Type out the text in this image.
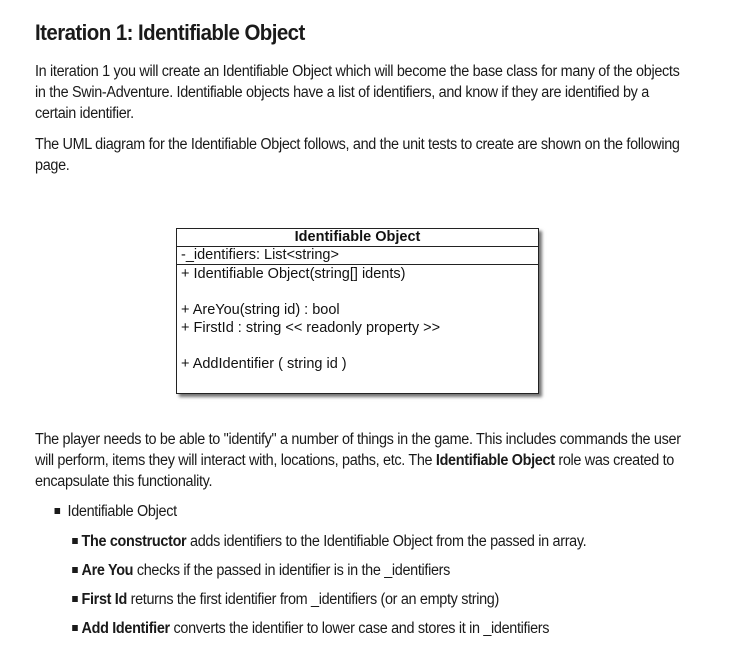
Iteration 1: Identifiable Object

In iteration 1 you will create an Identifiable Object which will become the base class for many of the objects in the Swin-Adventure. Identifiable objects have a list of identifiers, and know if they are identified by a certain identifier.

The UML diagram for the Identifiable Object follows, and the unit tests to create are shown on the following page.

Identifiable Object
-_identifiers: List<string>
+ Identifiable Object(string[] idents)
+ AreYou(string id) : bool
+ FirstId : string << readonly property >>
+ AddIdentifier ( string id )

The player needs to be able to "identify" a number of things in the game. This includes commands the user will perform, items they will interact with, locations, paths, etc. The Identifiable Object role was created to encapsulate this functionality.

Identifiable Object
The constructor adds identifiers to the Identifiable Object from the passed in array.
Are You checks if the passed in identifier is in the _identifiers
First Id returns the first identifier from _identifiers (or an empty string)
Add Identifier converts the identifier to lower case and stores it in _identifiers
